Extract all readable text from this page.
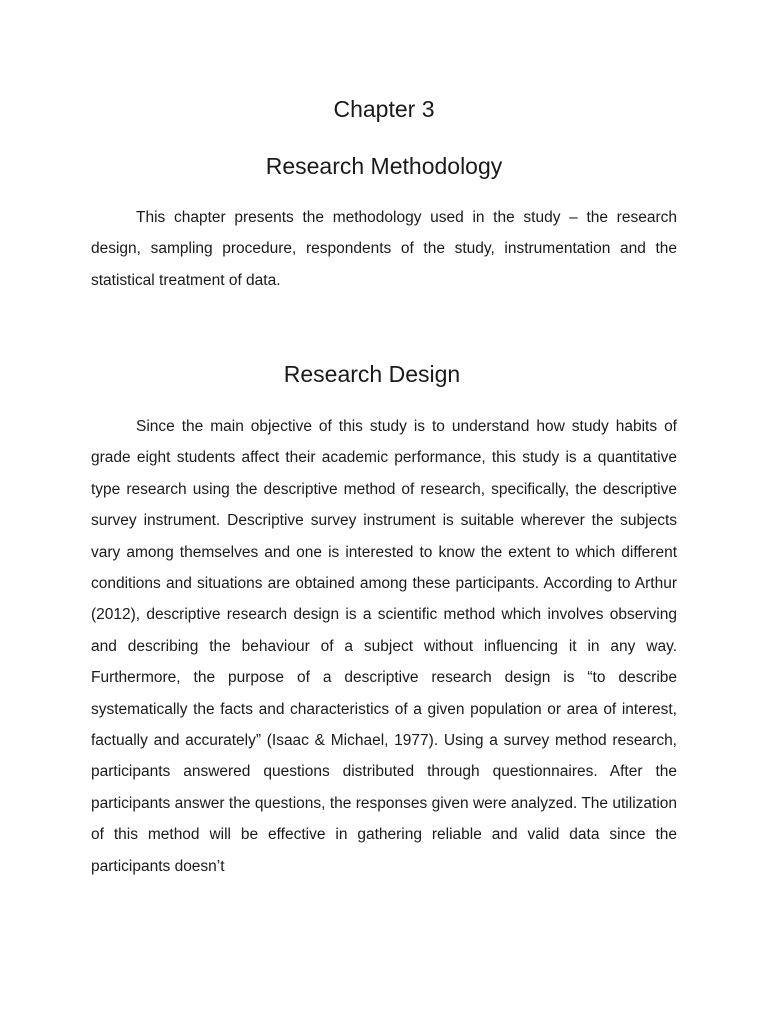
Chapter 3
Research Methodology

This chapter presents the methodology used in the study – the research design, sampling procedure, respondents of the study, instrumentation and the statistical treatment of data.

Research Design

Since the main objective of this study is to understand how study habits of grade eight students affect their academic performance, this study is a quantitative type research using the descriptive method of research, specifically, the descriptive survey instrument. Descriptive survey instrument is suitable wherever the subjects vary among themselves and one is interested to know the extent to which different conditions and situations are obtained among these participants. According to Arthur (2012), descriptive research design is a scientific method which involves observing and describing the behaviour of a subject without influencing it in any way. Furthermore, the purpose of a descriptive research design is “to describe systematically the facts and characteristics of a given population or area of interest, factually and accurately” (Isaac & Michael, 1977). Using a survey method research, participants answered questions distributed through questionnaires. After the participants answer the questions, the responses given were analyzed. The utilization of this method will be effective in gathering reliable and valid data since the participants doesn’t
